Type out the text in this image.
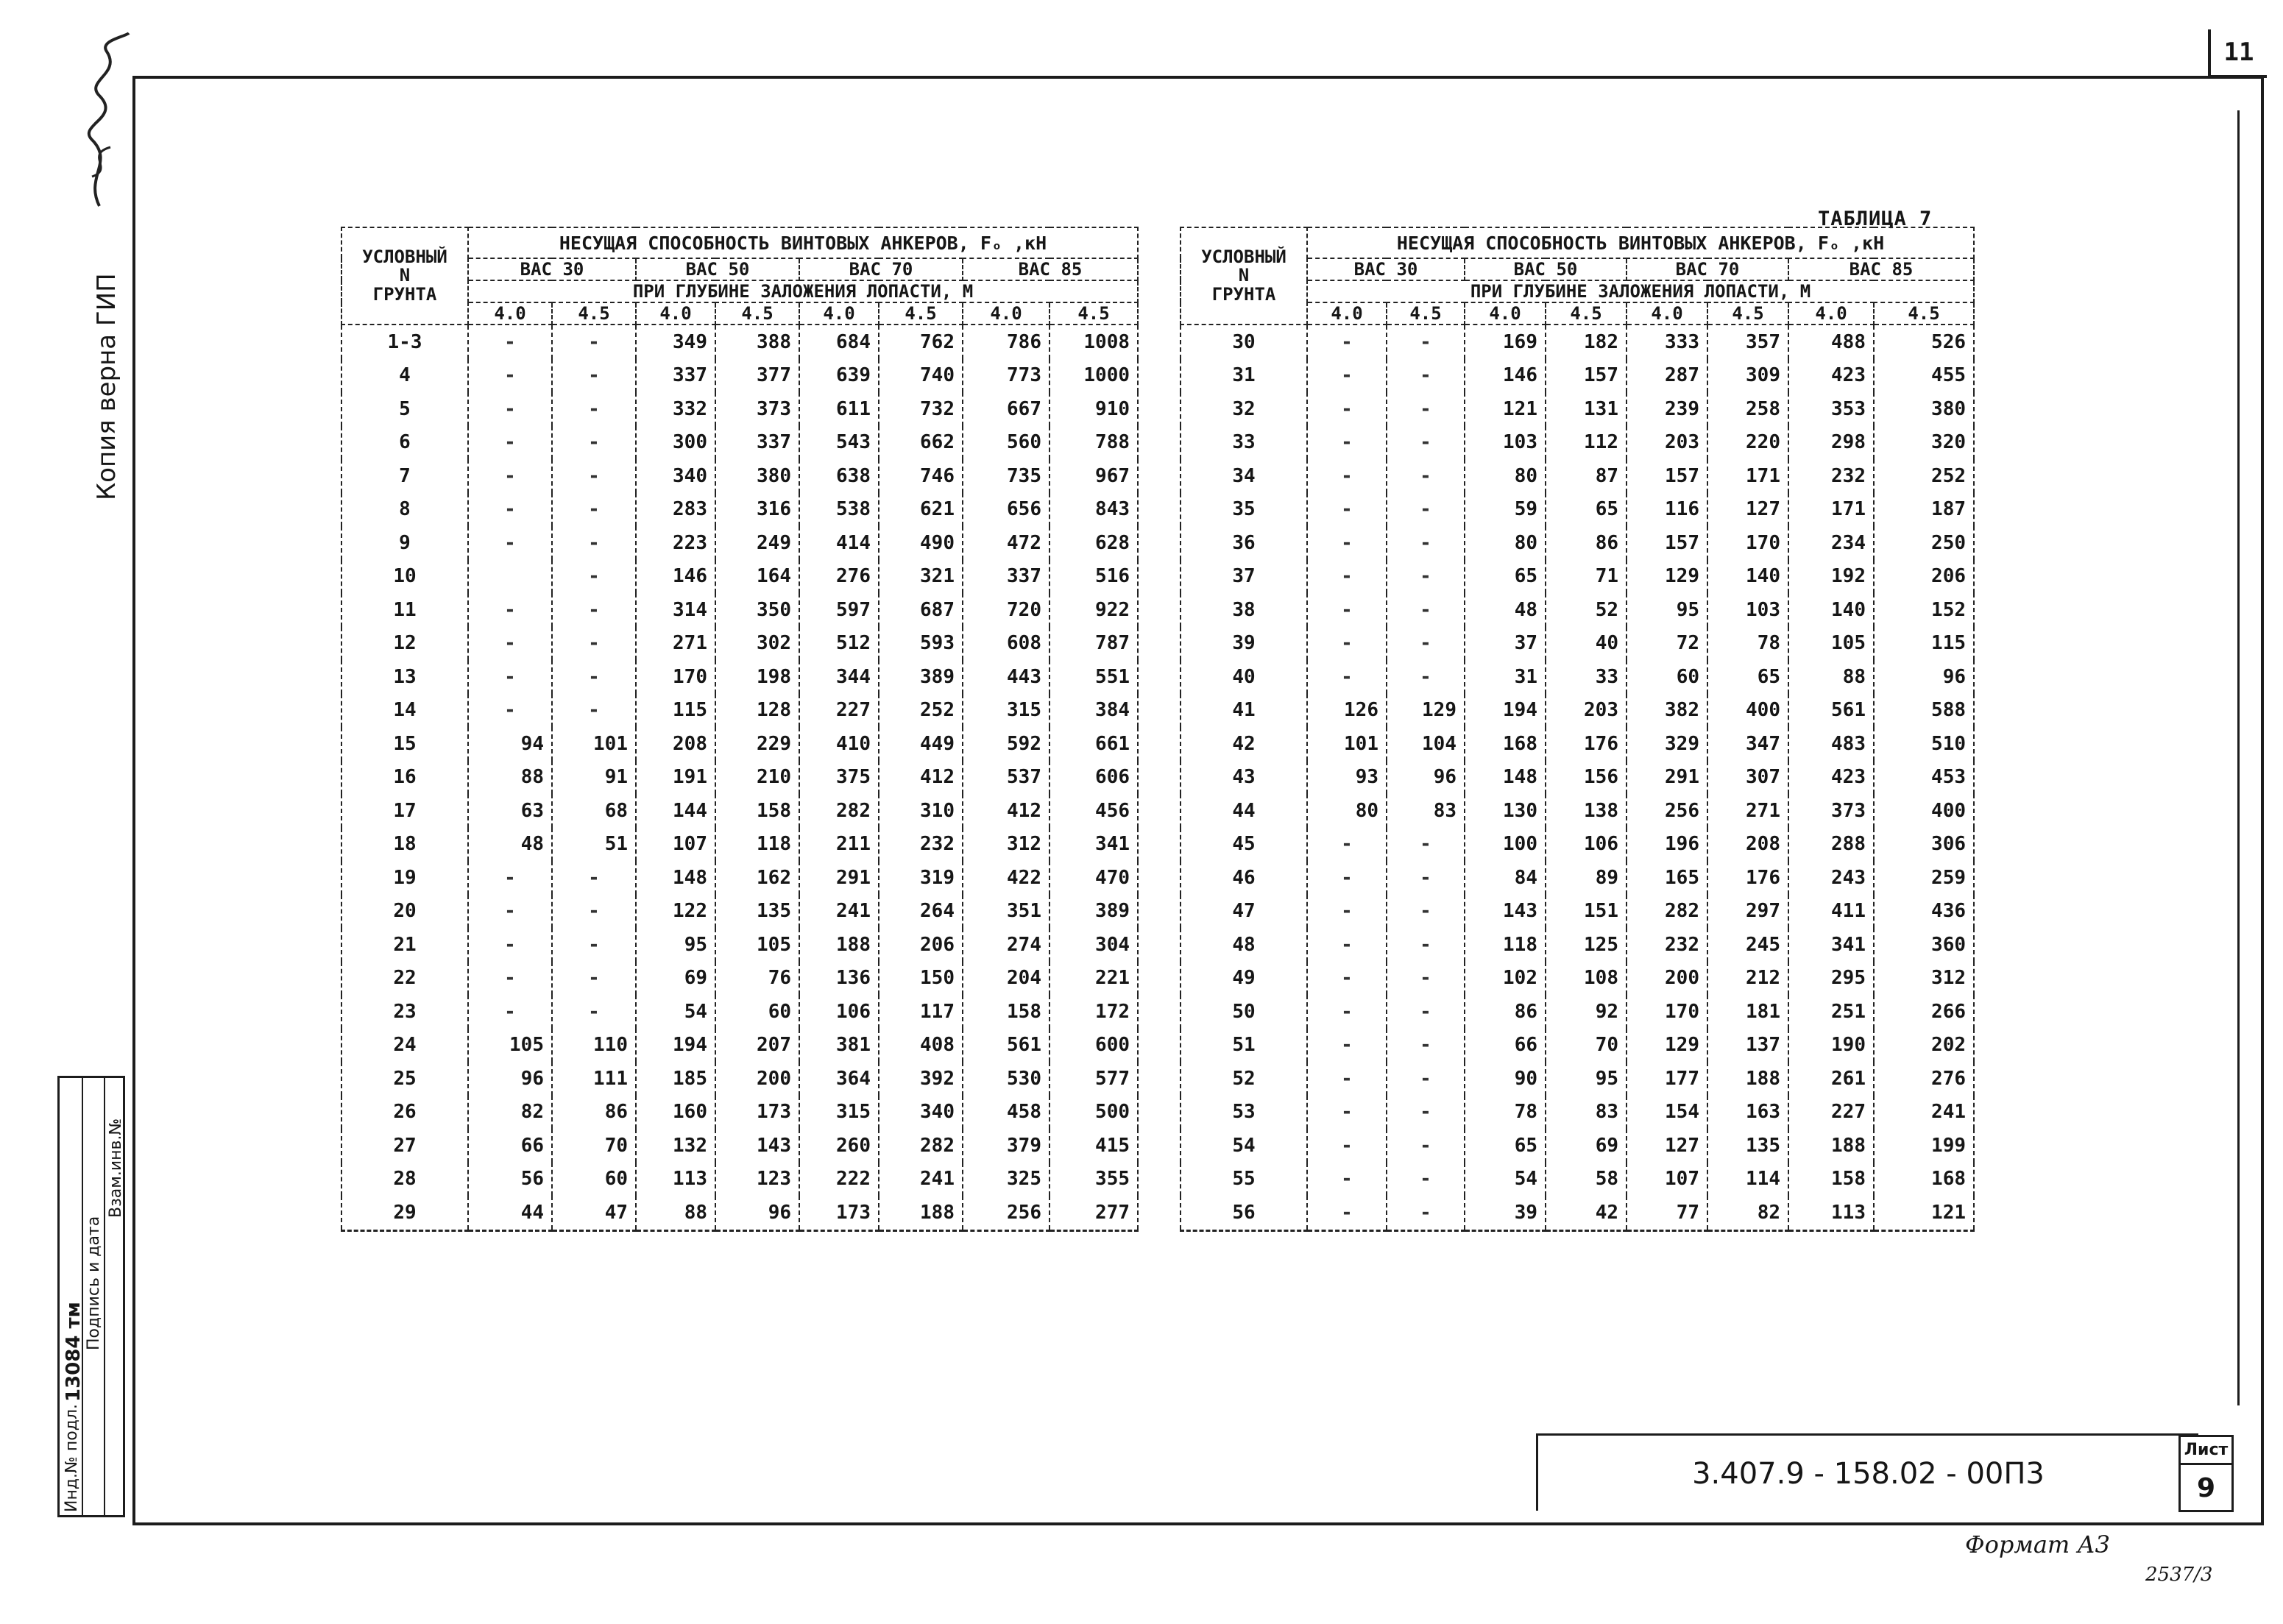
11
Копия верна ГИП
Инд.№ подл.
13084 тм
Подпись и дата
Взам.инв.№
ТАБЛИЦА 7
УСЛОВНЫЙ
N
ГРУНТА	НЕСУЩАЯ СПОСОБНОСТЬ ВИНТОВЫХ АНКЕРОВ, Fₒ ,кН							
	ВАС 30		ВАС 50		ВАС 70		ВАС 85	
	ПРИ ГЛУБИНЕ ЗАЛОЖЕНИЯ ЛОПАСТИ, М							
	4.0	4.5	4.0	4.5	4.0	4.5	4.0	4.5
1-3	-	-	349	388	684	762	786	1008
4	-	-	337	377	639	740	773	1000
5	-	-	332	373	611	732	667	910
6	-	-	300	337	543	662	560	788
7	-	-	340	380	638	746	735	967
8	-	-	283	316	538	621	656	843
9	-	-	223	249	414	490	472	628
10		-	146	164	276	321	337	516
11	-	-	314	350	597	687	720	922
12	-	-	271	302	512	593	608	787
13	-	-	170	198	344	389	443	551
14	-	-	115	128	227	252	315	384
15	94	101	208	229	410	449	592	661
16	88	91	191	210	375	412	537	606
17	63	68	144	158	282	310	412	456
18	48	51	107	118	211	232	312	341
19	-	-	148	162	291	319	422	470
20	-	-	122	135	241	264	351	389
21	-	-	95	105	188	206	274	304
22	-	-	69	76	136	150	204	221
23	-	-	54	60	106	117	158	172
24	105	110	194	207	381	408	561	600
25	96	111	185	200	364	392	530	577
26	82	86	160	173	315	340	458	500
27	66	70	132	143	260	282	379	415
28	56	60	113	123	222	241	325	355
29	44	47	88	96	173	188	256	277
УСЛОВНЫЙ
N
ГРУНТА	НЕСУЩАЯ СПОСОБНОСТЬ ВИНТОВЫХ АНКЕРОВ, Fₒ ,кН							
	ВАС 30		ВАС 50		ВАС 70		ВАС 85	
	ПРИ ГЛУБИНЕ ЗАЛОЖЕНИЯ ЛОПАСТИ, М							
	4.0	4.5	4.0	4.5	4.0	4.5	4.0	4.5
30	-	-	169	182	333	357	488	526
31	-	-	146	157	287	309	423	455
32	-	-	121	131	239	258	353	380
33	-	-	103	112	203	220	298	320
34	-	-	80	87	157	171	232	252
35	-	-	59	65	116	127	171	187
36	-	-	80	86	157	170	234	250
37	-	-	65	71	129	140	192	206
38	-	-	48	52	95	103	140	152
39	-	-	37	40	72	78	105	115
40	-	-	31	33	60	65	88	96
41	126	129	194	203	382	400	561	588
42	101	104	168	176	329	347	483	510
43	93	96	148	156	291	307	423	453
44	80	83	130	138	256	271	373	400
45	-	-	100	106	196	208	288	306
46	-	-	84	89	165	176	243	259
47	-	-	143	151	282	297	411	436
48	-	-	118	125	232	245	341	360
49	-	-	102	108	200	212	295	312
50	-	-	86	92	170	181	251	266
51	-	-	66	70	129	137	190	202
52	-	-	90	95	177	188	261	276
53	-	-	78	83	154	163	227	241
54	-	-	65	69	127	135	188	199
55	-	-	54	58	107	114	158	168
56	-	-	39	42	77	82	113	121
3.407.9 - 158.02 - 00П3
Лист
9
Формат А3
2537/3
